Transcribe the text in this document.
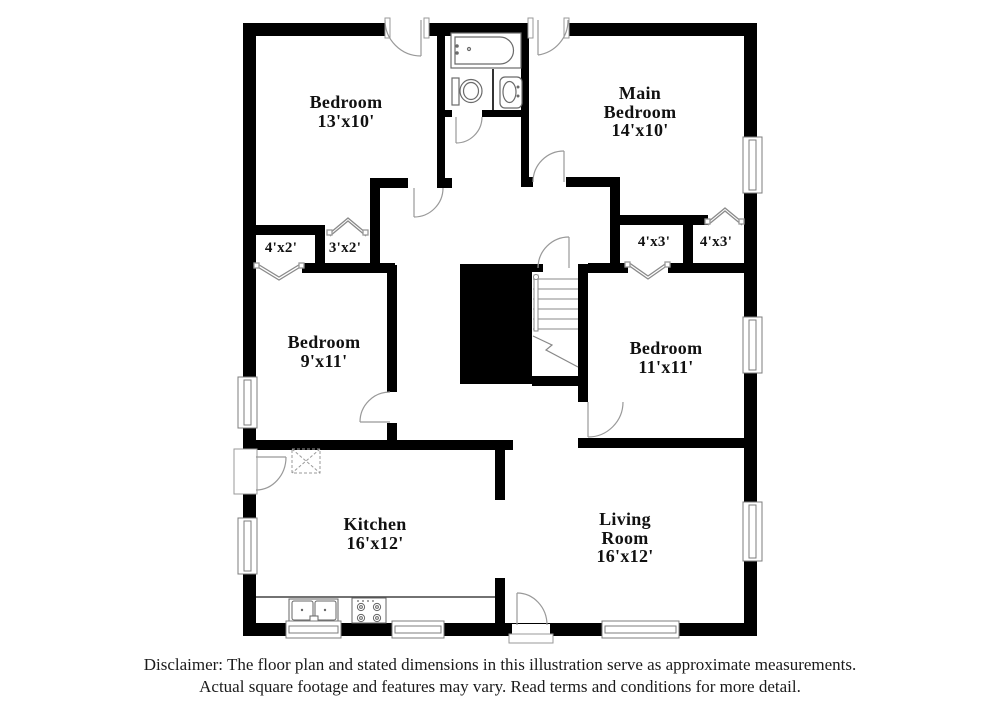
Bedroom
13'x10'
Main
Bedroom
14'x10'
4'x2' 3'x2'	4'x3' 4'x3'
Bedroom
9'x11'
Bedroom
11'x11'
Kitchen
16'x12'
Living
Room
16'x12'
Disclaimer: The floor plan and stated dimensions in this illustration serve as approximate measurements.
Actual square footage and features may vary. Read terms and conditions for more detail.
